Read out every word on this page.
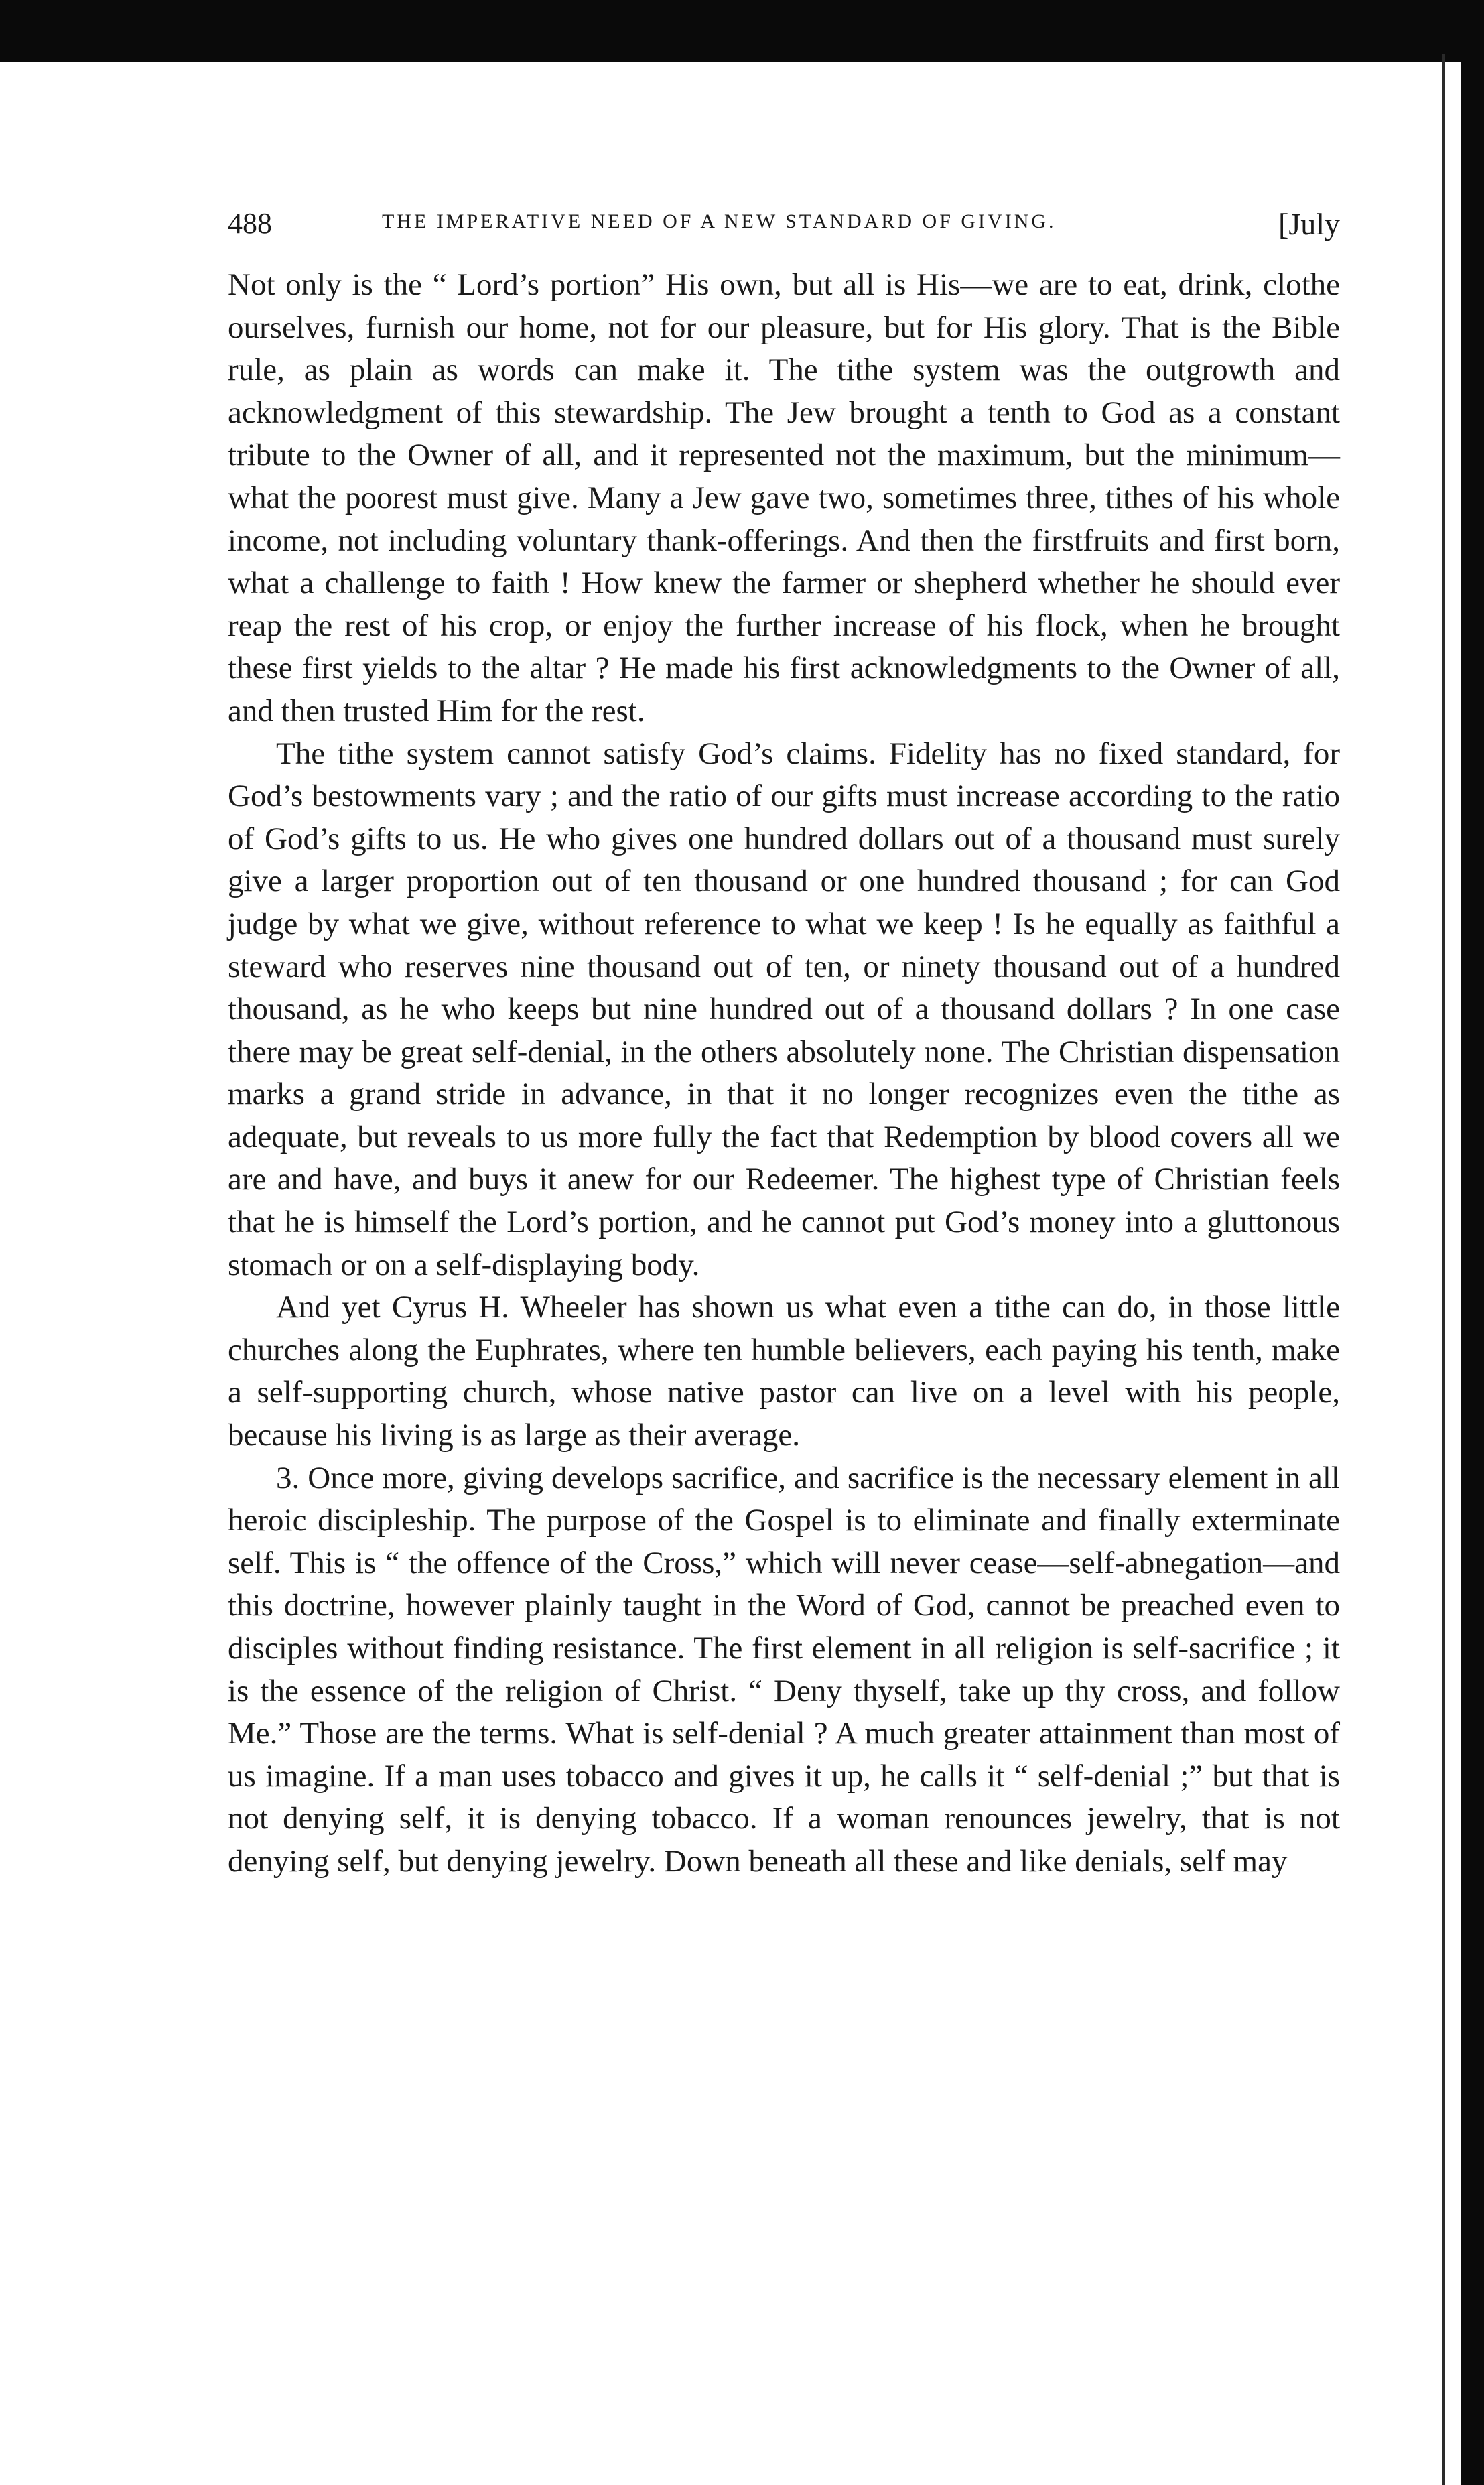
488	THE IMPERATIVE NEED OF A NEW STANDARD OF GIVING.	[July

Not only is the “ Lord’s portion” His own, but all is His—we are to eat, drink, clothe ourselves, furnish our home, not for our pleasure, but for His glory. That is the Bible rule, as plain as words can make it. The tithe system was the outgrowth and acknowledgment of this stewardship. The Jew brought a tenth to God as a constant tribute to the Owner of all, and it represented not the maximum, but the minimum—what the poorest must give. Many a Jew gave two, sometimes three, tithes of his whole income, not including voluntary thank-offerings. And then the firstfruits and first born, what a challenge to faith ! How knew the farmer or shepherd whether he should ever reap the rest of his crop, or enjoy the further increase of his flock, when he brought these first yields to the altar ? He made his first acknowledgments to the Owner of all, and then trusted Him for the rest.

The tithe system cannot satisfy God’s claims. Fidelity has no fixed standard, for God’s bestowments vary ; and the ratio of our gifts must increase according to the ratio of God’s gifts to us. He who gives one hundred dollars out of a thousand must surely give a larger proportion out of ten thousand or one hundred thousand ; for can God judge by what we give, without reference to what we keep ! Is he equally as faithful a steward who reserves nine thousand out of ten, or ninety thousand out of a hundred thousand, as he who keeps but nine hundred out of a thousand dollars ? In one case there may be great self-denial, in the others absolutely none. The Christian dispensation marks a grand stride in advance, in that it no longer recognizes even the tithe as adequate, but reveals to us more fully the fact that Redemption by blood covers all we are and have, and buys it anew for our Redeemer. The highest type of Christian feels that he is himself the Lord’s portion, and he cannot put God’s money into a gluttonous stomach or on a self-displaying body.

And yet Cyrus H. Wheeler has shown us what even a tithe can do, in those little churches along the Euphrates, where ten humble believers, each paying his tenth, make a self-supporting church, whose native pastor can live on a level with his people, because his living is as large as their average.

3. Once more, giving develops sacrifice, and sacrifice is the necessary element in all heroic discipleship. The purpose of the Gospel is to eliminate and finally exterminate self. This is “ the offence of the Cross,” which will never cease—self-abnegation—and this doctrine, however plainly taught in the Word of God, cannot be preached even to disciples without finding resistance. The first element in all religion is self-sacrifice ; it is the essence of the religion of Christ. “ Deny thyself, take up thy cross, and follow Me.” Those are the terms. What is self-denial ? A much greater attainment than most of us imagine. If a man uses tobacco and gives it up, he calls it “ self-denial ;” but that is not denying self, it is denying tobacco. If a woman renounces jewelry, that is not denying self, but denying jewelry. Down beneath all these and like denials, self may
